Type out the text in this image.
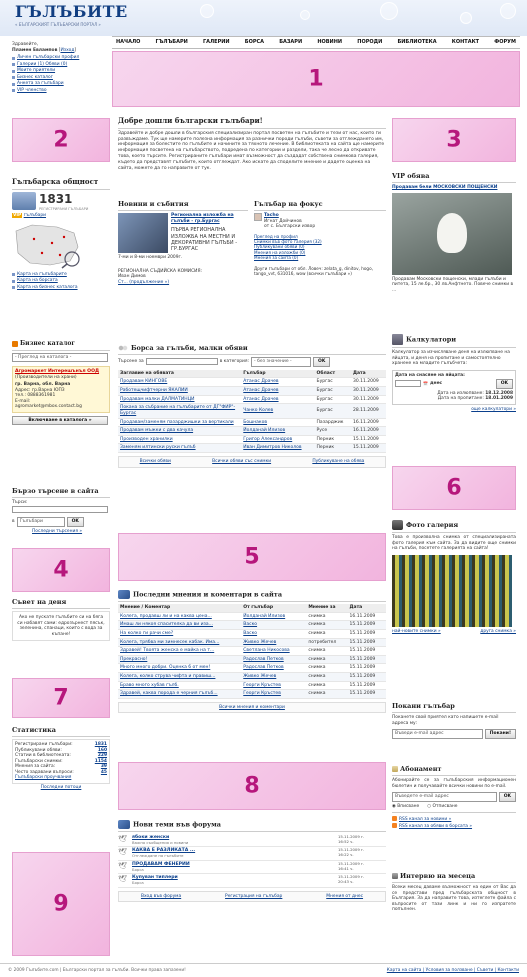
ГЪЛЪБИТЕ
« БЪЛГАРСКИЯТ ГЪЛЪБАРСКИ ПОРТАЛ »
НАЧАЛО	ГЪЛЪБАРИ	ГАЛЕРИИ	БОРСА	БАЗАРИ	НОВИНИ	ПОРОДИ	БИБЛИОТЕКА	КОНТАКТ	ФОРУМ
1
2	3
4
5
6
7
8
9
Здравейте,
Пламен Евлампов [Изход]
Личен гълъбарски профил
Галерии (1) Обяви (0)
Моите приятели
Бизнес каталог
Анкета за гълъбари
VIP членство
Гълъбарска общност
1831
РЕГИСТРИРАНИ ГЪЛЪБАРИ
VIP гълъбари
Карта на гълъбарите
Карта на борсата
Карта на бизнес каталога
Бизнес каталог
- Преглед на каталога -
Агромаркет Интерешънъл ООД
(Производители на храни)
гр. Варна, обл. Варна
Адрес: гр.Варна ЮПЗ
тел.: 0888361981
E-mail:
agromarket@mbox.contact.bg
Включване в каталога »
Бързо търсене в сайта
Търси:
в	Гълъбари	OK
Последни търсения »
Съвет на деня
Ако не пускате гълъбите си на бяга си набавят сами: едрозърнест пясък, зеленина, спанаци, които с вода за къпане!
Статистика
Регистрирани гълъбари:	1831
Публикувани обяви:	160
Статии в библиотеката:	229
Гълъбарски снимки:	1154
Мнения за сайта:	39
Често задавани въпроси:	45
Гълъбарски проучвания
Последни потоци
Добре дошли български гълъбари!
Здравейте и добре дошли в българския специализиран портал посветен на гълъбите и тези от нас, които ги развъждаме. Тук ще намерите полезна информация за разнички породи гълъби, съвети за отглеждането им, информация за болестите по гълъбите и начините за тяхното лечение. В библиотеката на сайта ще намерите информация посветена на гълъбарството, подредена по категории и раздели, така че лесно да откривате това, което търсите. Регистрираните гълъбари имат възможност да създадат собствена снимкова галерия, където да представят гълъбите, които отглеждат. Ако искате да споделите мнение и дадете оценка на сайта, можете да го направите от тук.
Новини и събития
Регионална изложба на гълъби - гр.Бургас
ПЪРВА РЕГИОНАЛНА ИЗЛОЖБА НА МЕСТНИ И ДЕКОРАТИВНИ ГЪЛЪБИ - ГР.БУРГАС
7-ми и 8-ми ноември 2009г.
РЕГИОНАЛНА СЪДИЙСКА КОМИСИЯ:
Иван Димов
Ст... (продължение »)
Гълъбар на фокус
Tacho
Игнат Дойчинов
от с. Български извор
Преглед на профил
Снимки във фото галерия (32)
Публикувани обяви (0)
Мнения на изложби (0)
Мнения за сайта (0)
Други гълъбари от обл. Ловеч: zelata_g, dinitov, hogo, tango_vvt, 631016, wow (всички гълъбари »)
Борса за гълъби, малки обяви
Търсене за	в категория:	- без значение -	OK
Заглавие на обявата	Гълъбар	Област	Дата
Продавам КИНГОВЕ	Атанас Драчев	Бургас	30.11.2009
Работещчифтчерни ЯКАЛИИ	Атанас Драчев	Бургас	30.11.2009
Продавам малки ДАЛМАТИНЦИ	Атанас Драчев	Бургас	30.11.2009
Покана за събрание на гълъбарите от ДГ"ФИР"-Бургас	Чанко Колев	Бургас	28.11.2009
Продавам/заменям пазарджишки за вертикали	Бошнаков	Пазарджик	16.11.2009
Продавам мъжки с два качула	Йолданай Илизов	Русе	16.11.2009
Производен хранилки	Григор Александров	Перник	15.11.2009
Заменям илтински руски гълъб	Иван Димитров Николов	Перник	15.11.2009
Всички обяви	Всички обяви със снимки	Публикуване на обява
Последни мнения и коментари в сайта
Мнение / Коментар	От гълъбар	Мнение за	Дата
Колега, продавш ли и на каква цена...	Йолданай Илизов	снимка	16.11.2009
Имаш ли някоя спасителка да ви иза...	Васко	снимка	15.11.2009
На колко ги рачи сме?	Васко	снимка	15.11.2009
Колега, трябва ми зимнесек кабак. Има...	Живко Жечев	потребител	15.11.2009
Здравей! Твоята женска е майка на т...	Светлана Никосова	снимка	15.11.2009
Прекрасно!	Радослав Петков	снимка	15.11.2009
Много много добри. Оценка 6 от мен!	Радослав Петков	снимка	15.11.2009
Колега, колко струва чифта и правиш...	Живко Жечев	снимка	15.11.2009
Браво много хубав гълб.	Георги Кръстев	снимка	15.11.2009
Здравей, каква порода е черния гълъб...	Георги Кръстев	снимка	15.11.2009
Всички мнения и коментари
Нови теми във форума
🕊	ябоки женски
Важно съобщения и новини
15.11.2009 г.
16:52 ч.
🕊	КАКВА Е РАЗЛИКАТА ...
Отглеждане на гълъбите
15.11.2009 г.
16:22 ч.
🕊	ПРОДАВАМ ФЕНЕРИИ
Борса
15.11.2009 г.
16:41 ч.
🕊	Купуван типлери
Борса
15.11.2009 г.
20:43 ч.
Вход във форума	Регистрация на гълъбар	Мнения от днес
VIP обява
Продавам бели МОСКОВСКИ ПОЩЕНСКИ
Продавам Московски пощенски, млади гълъби и питета, 15 ле.бр., 30 лв.Анфтнето. Повече снимки в ...
Калкулатори
Калкулатор за изчисляване деня на излюпване на яйцата, и деня на пропитане и самостоятелно хранене на младите гълъбчета:
Дата на снасяне на яйцата:
📅 днес	OK
Дата на излюпване: 18.12.2008
Дата на пропитане: 18.01.2009
още калкулатори »
Фото галерия
Това е произволна снимка от специализираната фото галерия към сайта. За да видите още снимки на гълъби, посетете галерията на сайта!
най-новите снимки »	друга снимка »
Покани гълъбар
Поканете свой приятел като напишете е-mail адреса му:
Въведи e-mail адрес	Покани!
Абонамент
Абонирайте се за гълъбарския информационен бюлетин и получавайте всички новини по e-mail.
Въведете e-mail адрес	OK
◉ Вписване ○ Отписване
RSS канал за новини »
RSS канал за обяви в борсата »
Интервю на месеца
Всеки месец даваме възможност на един от Вас да се представи пред гълъбарската общност в България. За да направите това, изтеглете файла с въпросите от тази линк и ни го изпратете попълнен.
© 2009 Гълъбите.com | Български портал за гълъби. Всички права запазени!	Карта на сайта | Условия за ползване | Съвети | Контакти
